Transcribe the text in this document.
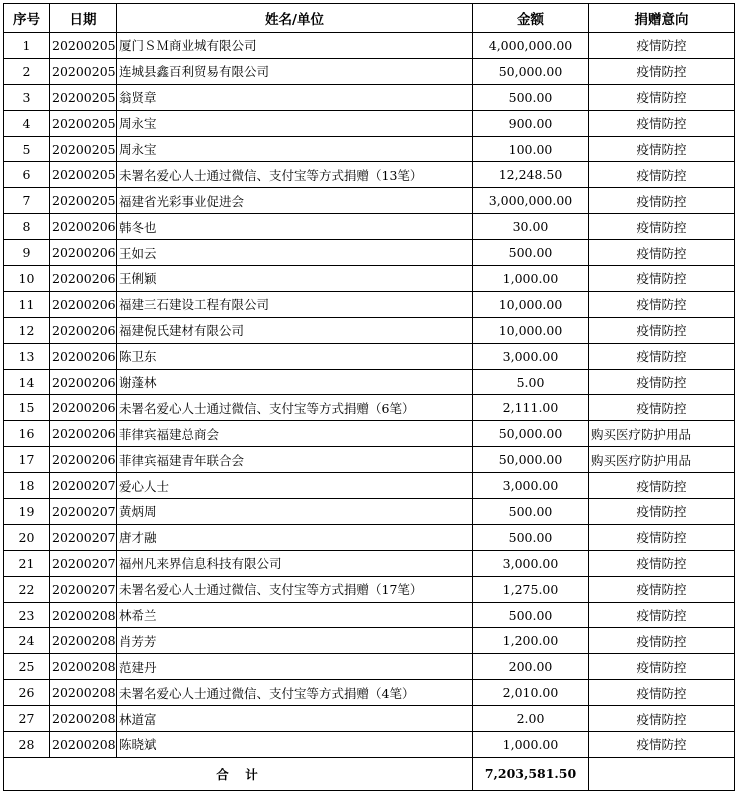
序号	日期	姓名/单位	金额	捐赠意向
1	20200205	厦门ＳＭ商业城有限公司	4,000,000.00	疫情防控
2	20200205	连城县鑫百利贸易有限公司	50,000.00	疫情防控
3	20200205	翁贤章	500.00	疫情防控
4	20200205	周永宝	900.00	疫情防控
5	20200205	周永宝	100.00	疫情防控
6	20200205	未署名爱心人士通过微信、支付宝等方式捐赠（13笔）	12,248.50	疫情防控
7	20200205	福建省光彩事业促进会	3,000,000.00	疫情防控
8	20200206	韩冬也	30.00	疫情防控
9	20200206	王如云	500.00	疫情防控
10	20200206	王俐颖	1,000.00	疫情防控
11	20200206	福建三石建设工程有限公司	10,000.00	疫情防控
12	20200206	福建倪氏建材有限公司	10,000.00	疫情防控
13	20200206	陈卫东	3,000.00	疫情防控
14	20200206	谢蓬林	5.00	疫情防控
15	20200206	未署名爱心人士通过微信、支付宝等方式捐赠（6笔）	2,111.00	疫情防控
16	20200206	菲律宾福建总商会	50,000.00	购买医疗防护用品
17	20200206	菲律宾福建青年联合会	50,000.00	购买医疗防护用品
18	20200207	爱心人士	3,000.00	疫情防控
19	20200207	黄炳周	500.00	疫情防控
20	20200207	唐才融	500.00	疫情防控
21	20200207	福州凡来界信息科技有限公司	3,000.00	疫情防控
22	20200207	未署名爱心人士通过微信、支付宝等方式捐赠（17笔）	1,275.00	疫情防控
23	20200208	林希兰	500.00	疫情防控
24	20200208	肖芳芳	1,200.00	疫情防控
25	20200208	范建丹	200.00	疫情防控
26	20200208	未署名爱心人士通过微信、支付宝等方式捐赠（4笔）	2,010.00	疫情防控
27	20200208	林道富	2.00	疫情防控
28	20200208	陈晓斌	1,000.00	疫情防控
合　计			7,203,581.50	
